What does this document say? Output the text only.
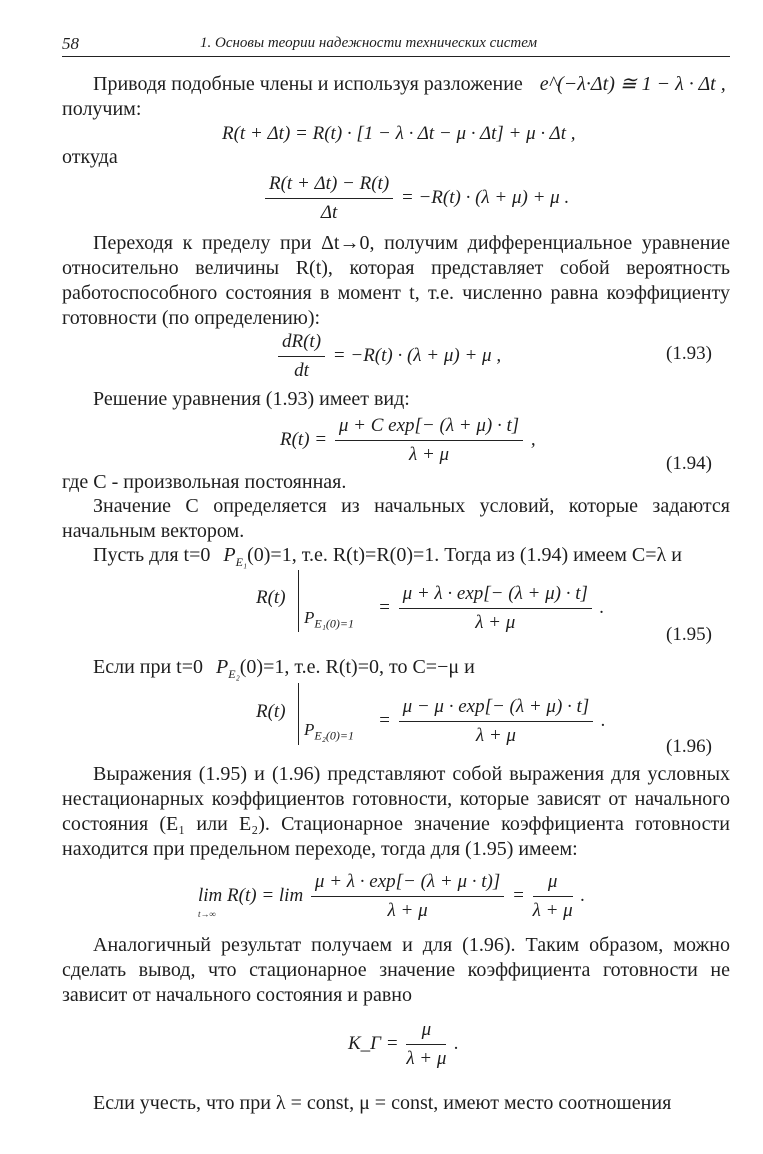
58	1. Основы теории надежности технических систем
Приводя подобные члены и используя разложение e^(−λ·Δt) ≅ 1 − λ · Δt ,
получим:
R(t + Δt) = R(t) · [1 − λ · Δt − μ · Δt] + μ · Δt ,
откуда
$\frac{R(t + \Delta t) - R(t)}{\Delta t} = -R(t) \cdot (\lambda + \mu) + \mu$ .

Переходя к пределу при Δt→0, получим дифференциальное уравнение относительно величины R(t), которая представляет собой вероятность работоспособного состояния в момент t, т.е. численно равна коэффициенту готовности (по определению):

$\frac{dR(t)}{dt} = -R(t) \cdot (\lambda + \mu) + \mu$ ,	(1.93)
Решение уравнения (1.93) имеет вид:
$R(t) = \frac{\text{μ + C exp[− (λ + μ) · t]}}{\lambda + \mu}$ ,
(1.94)
где C - произвольная постоянная.

Значение C определяется из начальных условий, которые задаются начальным вектором.

Пусть для t=0 $P_{E_1}(0)=1$, т.е. R(t)=R(0)=1. Тогда из (1.94) имеем C=λ и
R(t)
$P_{E_1(0)=1}$
= $\frac{\mu + \lambda \cdot \exp[- (\lambda + \mu) \cdot t]}{\lambda + \mu}$ .
(1.95)
Если при t=0 $P_{E_2}(0)=1$, т.е. R(t)=0, то C=−μ и
R(t)
$P_{E_2(0)=1}$
= $\frac{\mu - \mu \cdot \exp[- (\lambda + \mu) \cdot t]}{\lambda + \mu}$ .
(1.96)

Выражения (1.95) и (1.96) представляют собой выражения для условных нестационарных коэффициентов готовности, которые зависят от начального состояния (E₁ или E₂). Стационарное значение коэффициента готовности находится при предельном переходе, тогда для (1.95) имеем:

lim R(t) = lim
t→∞
	$\frac{\mu + \lambda \cdot \exp[- (\lambda + \mu \cdot t)]}{\lambda + \mu} = \frac{\mu}{\lambda + \mu}$ .

Аналогичный результат получаем и для (1.96). Таким образом, можно сделать вывод, что стационарное значение коэффициента готовности не зависит от начального состояния и равно

K_Г = $\frac{\mu}{\lambda + \mu}$ .
Если учесть, что при λ = const, μ = const, имеют место соотношения
